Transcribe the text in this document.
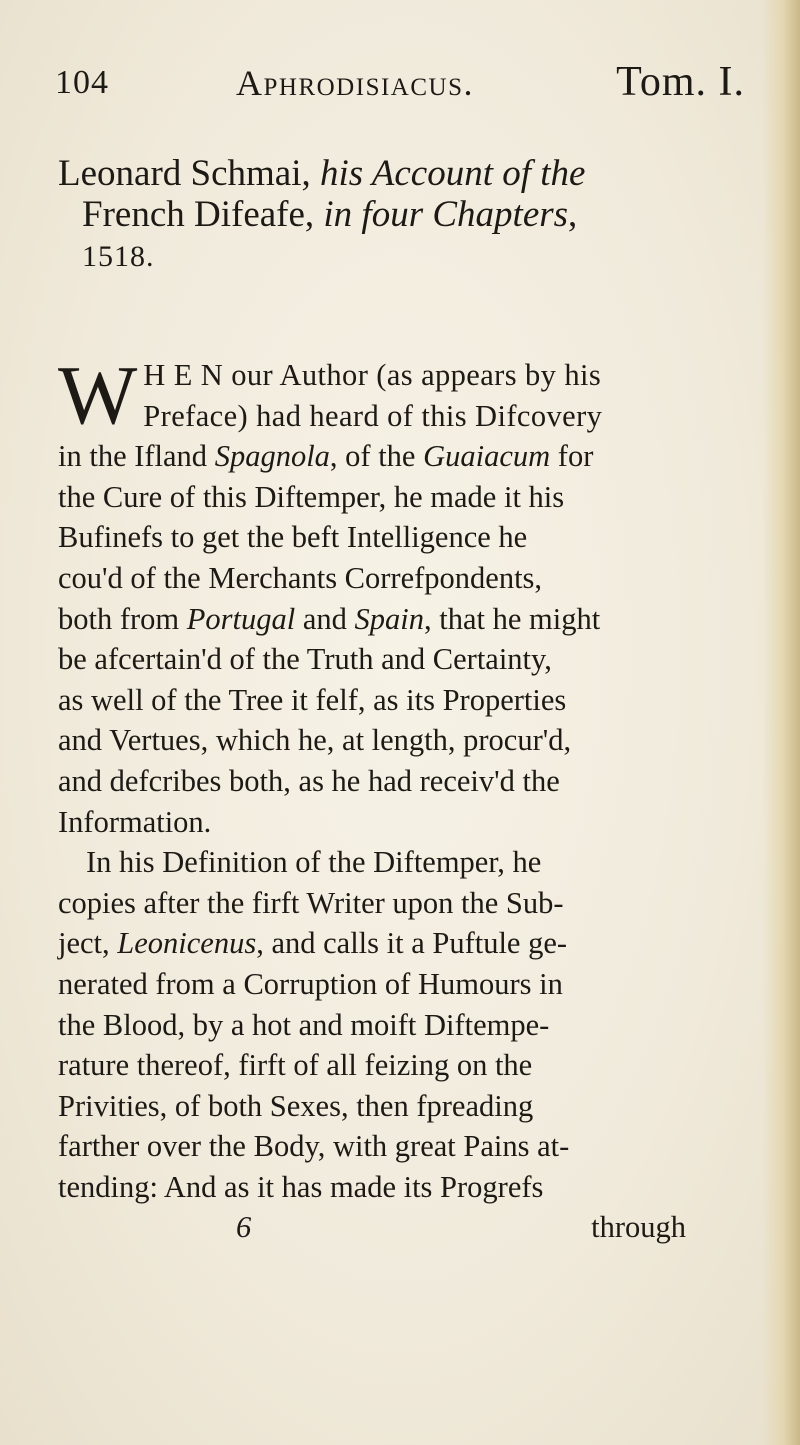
104	Aphrodisiacus.	Tom. I.
Leonard Schmai, his Account of the
French Difeafe, in four Chapters,
1518.
W H E N our Author (as appears by his
Preface) had heard of this Difcovery
in the Ifland Spagnola, of the Guaiacum for
the Cure of this Diftemper, he made it his
Bufinefs to get the beft Intelligence he
cou'd of the Merchants Correfpondents,
both from Portugal and Spain, that he might
be afcertain'd of the Truth and Certainty,
as well of the Tree it felf, as its Properties
and Vertues, which he, at length, procur'd,
and defcribes both, as he had receiv'd the
Information.
In his Definition of the Diftemper, he
copies after the firft Writer upon the Sub-
ject, Leonicenus, and calls it a Puftule ge-
nerated from a Corruption of Humours in
the Blood, by a hot and moift Diftempe-
rature thereof, firft of all feizing on the
Privities, of both Sexes, then fpreading
farther over the Body, with great Pains at-
tending: And as it has made its Progrefs
6	through
